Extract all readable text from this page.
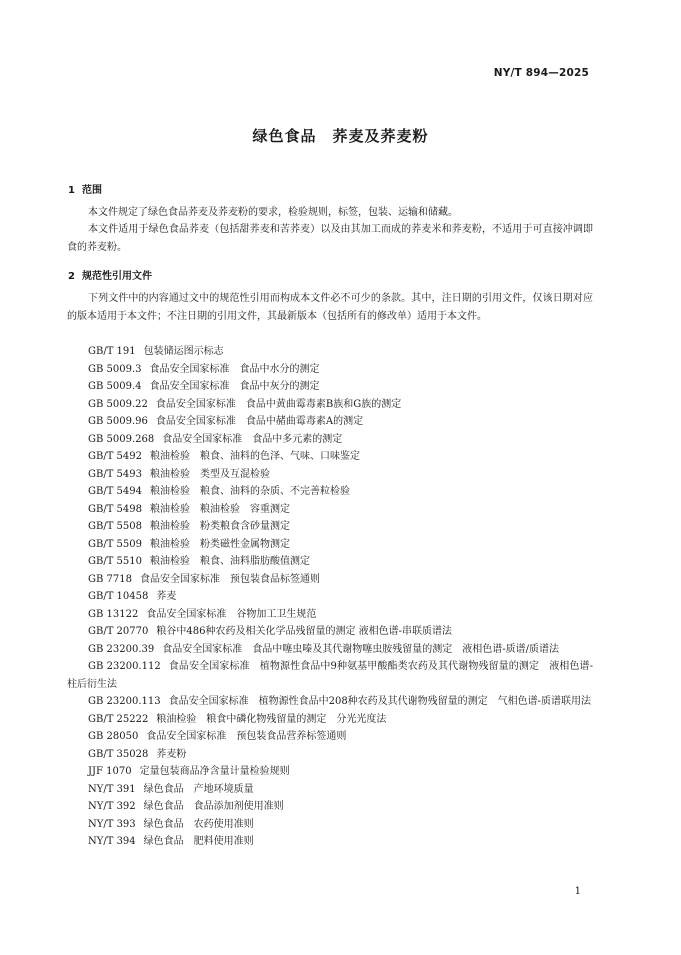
NY/T 894—2025
绿色食品　荞麦及荞麦粉
1 范围
本文件规定了绿色食品荞麦及荞麦粉的要求，检验规则，标签，包装、运输和储藏。
本文件适用于绿色食品荞麦（包括甜荞麦和苦荞麦）以及由其加工而成的荞麦米和荞麦粉，不适用于可直接冲调即食的荞麦粉。
2 规范性引用文件
下列文件中的内容通过文中的规范性引用而构成本文件必不可少的条款。其中，注日期的引用文件，仅该日期对应的版本适用于本文件；不注日期的引用文件，其最新版本（包括所有的修改单）适用于本文件。
GB/T 191 包装储运图示标志
GB 5009.3 食品安全国家标准　食品中水分的测定
GB 5009.4 食品安全国家标准　食品中灰分的测定
GB 5009.22 食品安全国家标准　食品中黄曲霉毒素B族和G族的测定
GB 5009.96 食品安全国家标准　食品中赭曲霉毒素A的测定
GB 5009.268 食品安全国家标准　食品中多元素的测定
GB/T 5492 粮油检验　粮食、油料的色泽、气味、口味鉴定
GB/T 5493 粮油检验　类型及互混检验
GB/T 5494 粮油检验　粮食、油料的杂质、不完善粒检验
GB/T 5498 粮油检验　粮油检验　容重测定
GB/T 5508 粮油检验　粉类粮食含砂量测定
GB/T 5509 粮油检验　粉类磁性金属物测定
GB/T 5510 粮油检验　粮食、油料脂肪酸值测定
GB 7718 食品安全国家标准　预包装食品标签通则
GB/T 10458 荞麦
GB 13122 食品安全国家标准　谷物加工卫生规范
GB/T 20770 粮谷中486种农药及相关化学品残留量的测定 液相色谱-串联质谱法
GB 23200.39 食品安全国家标准　食品中噻虫嗪及其代谢物噻虫胺残留量的测定　液相色谱-质谱/质谱法
GB 23200.112 食品安全国家标准　植物源性食品中9种氨基甲酸酯类农药及其代谢物残留量的测定　液相色谱-柱后衍生法
GB 23200.113 食品安全国家标准　植物源性食品中208种农药及其代谢物残留量的测定　气相色谱-质谱联用法
GB/T 25222 粮油检验　粮食中磷化物残留量的测定　分光光度法
GB 28050 食品安全国家标准　预包装食品营养标签通则
GB/T 35028 荞麦粉
JJF 1070 定量包装商品净含量计量检验规则
NY/T 391 绿色食品　产地环境质量
NY/T 392 绿色食品　食品添加剂使用准则
NY/T 393 绿色食品　农药使用准则
NY/T 394 绿色食品　肥料使用准则
1
